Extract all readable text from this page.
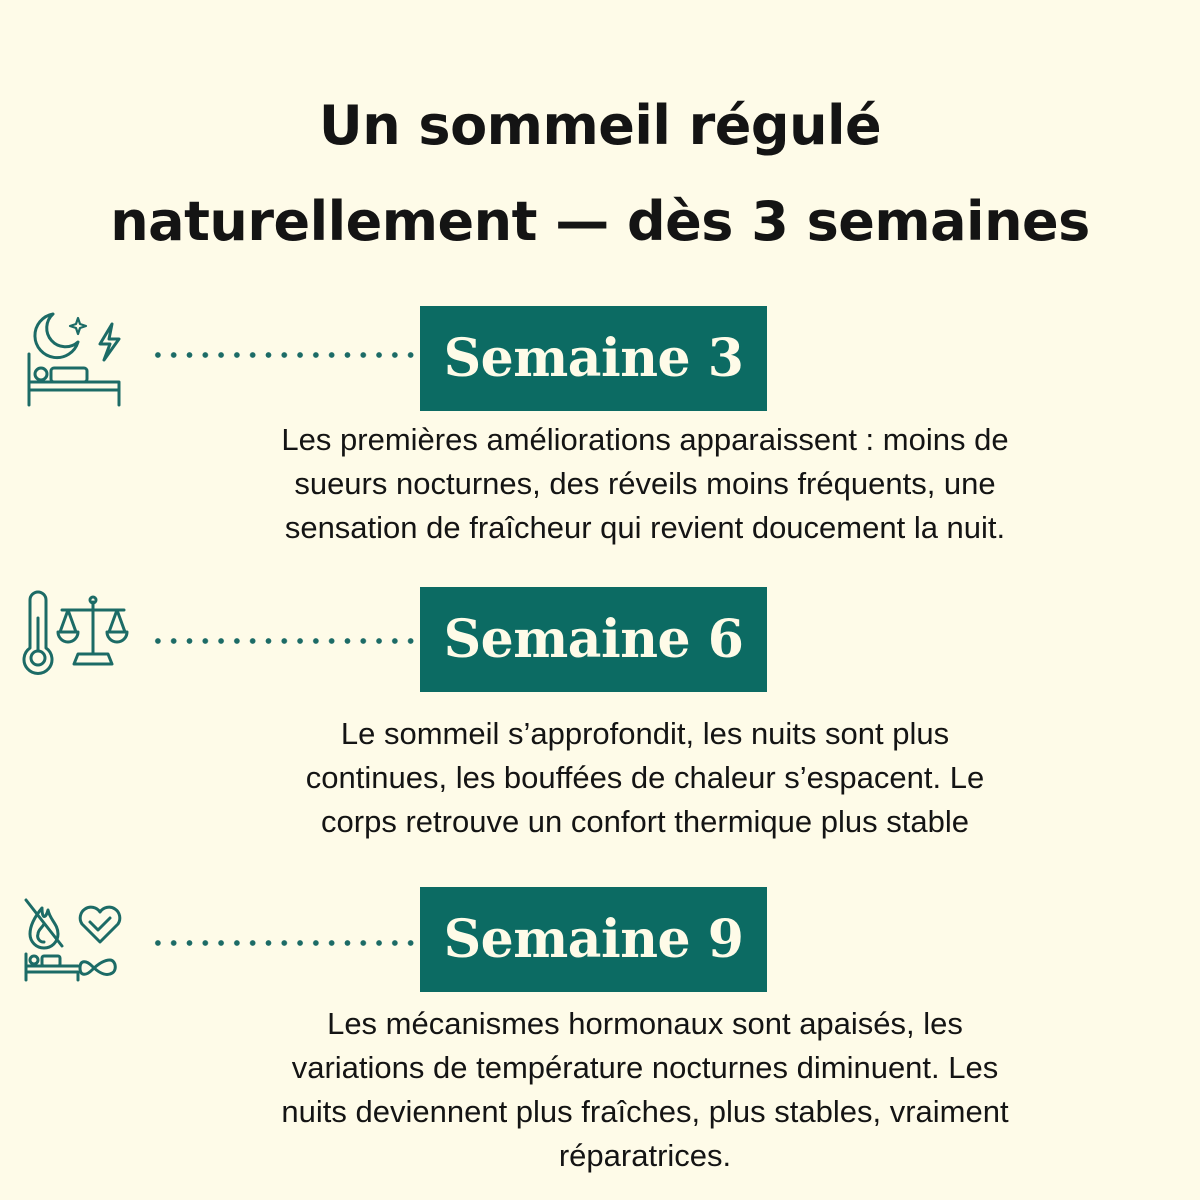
Un sommeil régulé
naturellement — dès 3 semaines
Semaine 3

Les premières améliorations apparaissent : moins de
sueurs nocturnes, des réveils moins fréquents, une
sensation de fraîcheur qui revient doucement la nuit.

Semaine 6

Le sommeil s’approfondit, les nuits sont plus
continues, les bouffées de chaleur s’espacent. Le
corps retrouve un confort thermique plus stable

Semaine 9

Les mécanismes hormonaux sont apaisés, les
variations de température nocturnes diminuent. Les
nuits deviennent plus fraîches, plus stables, vraiment
réparatrices.
